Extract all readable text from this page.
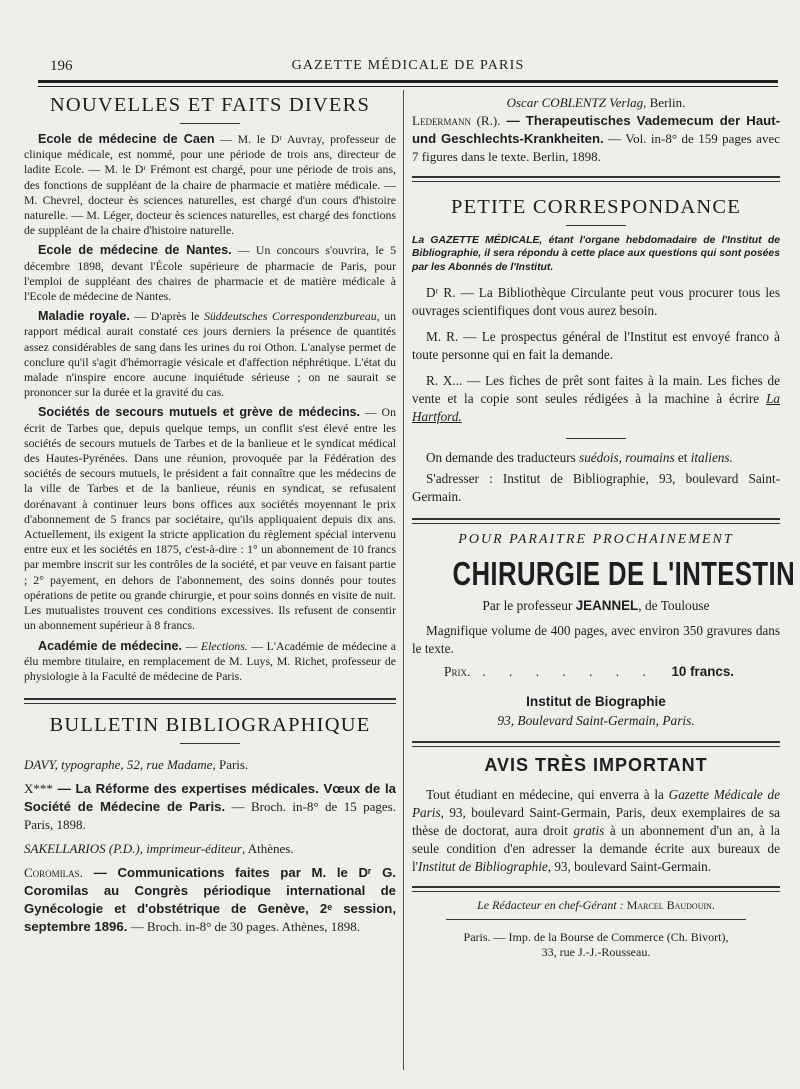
196	GAZETTE MÉDICALE DE PARIS
NOUVELLES ET FAITS DIVERS

Ecole de médecine de Caen — M. le Dʳ Auvray, professeur de clinique médicale, est nommé, pour une période de trois ans, directeur de ladite Ecole. — M. le Dʳ Frémont est chargé, pour une période de trois ans, des fonctions de suppléant de la chaire de pharmacie et matière médicale. — M. Chevrel, docteur ès sciences naturelles, est chargé d'un cours d'histoire naturelle. — M. Léger, docteur ès sciences naturelles, est chargé des fonctions de suppléant de la chaire d'histoire naturelle.

Ecole de médecine de Nantes. — Un concours s'ouvrira, le 5 décembre 1898, devant l'École supérieure de pharmacie de Paris, pour l'emploi de suppléant des chaires de pharmacie et de matière médicale à l'Ecole de médecine de Nantes.

Maladie royale. — D'après le Süddeutsches Correspondenzbureau, un rapport médical aurait constaté ces jours derniers la présence de quantités assez considérables de sang dans les urines du roi Othon. L'analyse permet de conclure qu'il s'agit d'hémorragie vésicale et d'affection néphrétique. L'état du malade n'inspire encore aucune inquiétude sérieuse ; on ne saurait se prononcer sur la durée et la gravité du cas.

Sociétés de secours mutuels et grève de médecins. — On écrit de Tarbes que, depuis quelque temps, un conflit s'est élevé entre les sociétés de secours mutuels de Tarbes et de la banlieue et le syndicat médical des Hautes-Pyrénées. Dans une réunion, provoquée par la Fédération des sociétés de secours mutuels, le président a fait connaître que les médecins de la ville de Tarbes et de la banlieue, réunis en syndicat, se refusaient dorénavant à continuer leurs bons offices aux sociétés moyennant le prix d'abonnement de 5 francs par sociétaire, qu'ils appliquaient depuis dix ans. Actuellement, ils exigent la stricte application du règlement spécial intervenu entre eux et les sociétés en 1875, c'est-à-dire : 1° un abonnement de 10 francs par membre inscrit sur les contrôles de la société, et par veuve en faisant partie ; 2° payement, en dehors de l'abonnement, des soins donnés pour toutes opérations de petite ou grande chirurgie, et pour soins donnés en visite de nuit. Les mutualistes trouvent ces conditions excessives. Ils refusent de consentir un abonnement supérieur à 8 francs.

Académie de médecine. — Elections. — L'Académie de médecine a élu membre titulaire, en remplacement de M. Luys, M. Richet, professeur de physiologie à la Faculté de médecine de Paris.

BULLETIN BIBLIOGRAPHIQUE

DAVY, typographe, 52, rue Madame, Paris.

X*** — La Réforme des expertises médicales. Vœux de la Société de Médecine de Paris. — Broch. in-8° de 15 pages. Paris, 1898.

SAKELLARIOS (P.D.), imprimeur-éditeur, Athènes.

Coromilas. — Communications faites par M. le Dʳ G. Coromilas au Congrès périodique international de Gynécologie et d'obstétrique de Genève, 2ᵉ session, septembre 1896. — Broch. in-8° de 30 pages. Athènes, 1898.

Oscar COBLENTZ Verlag, Berlin.

Ledermann (R.). — Therapeutisches Vademecum der Haut-und Geschlechts-Krankheiten. — Vol. in-8° de 159 pages avec 7 figures dans le texte. Berlin, 1898.

PETITE CORRESPONDANCE

La GAZETTE MÉDICALE, étant l'organe hebdomadaire de l'Institut de Bibliographie, il sera répondu à cette place aux questions qui sont posées par les Abonnés de l'Institut.

Dʳ R. — La Bibliothèque Circulante peut vous procurer tous les ouvrages scientifiques dont vous aurez besoin.

M. R. — Le prospectus général de l'Institut est envoyé franco à toute personne qui en fait la demande.

R. X... — Les fiches de prêt sont faites à la main. Les fiches de vente et la copie sont seules rédigées à la machine à écrire La Hartford.

On demande des traducteurs suédois, roumains et italiens.

S'adresser : Institut de Bibliographie, 93, boulevard Saint-Germain.

POUR PARAITRE PROCHAINEMENT
CHIRURGIE DE L'INTESTIN
Par le professeur JEANNEL, de Toulouse

Magnifique volume de 400 pages, avec environ 350 gravures dans le texte.

Prix. . . . . . . .	10 francs.
Institut de Biographie
93, Boulevard Saint-Germain, Paris.
AVIS TRÈS IMPORTANT

Tout étudiant en médecine, qui enverra à la Gazette Médicale de Paris, 93, boulevard Saint-Germain, Paris, deux exemplaires de sa thèse de doctorat, aura droit gratis à un abonnement d'un an, à la seule condition d'en adresser la demande écrite aux bureaux de l'Institut de Bibliographie, 93, boulevard Saint-Germain.

Le Rédacteur en chef-Gérant : Marcel Baudouin.
Paris. — Imp. de la Bourse de Commerce (Ch. Bivort),
33, rue J.-J.-Rousseau.
